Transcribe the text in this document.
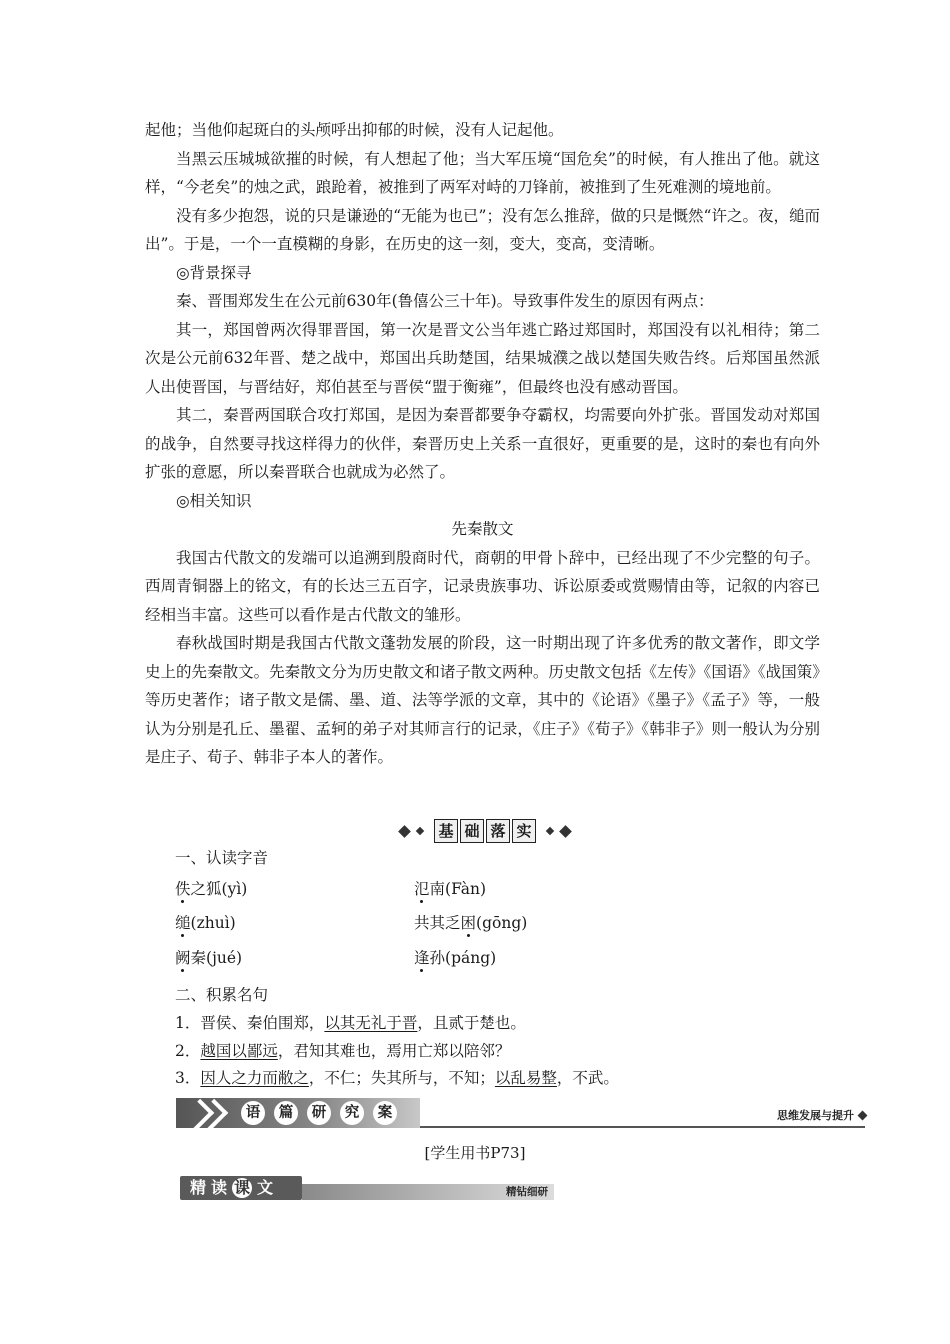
起他；当他仰起斑白的头颅呼出抑郁的时候，没有人记起他。

当黑云压城城欲摧的时候，有人想起了他；当大军压境“国危矣”的时候，有人推出了他。就这样，“今老矣”的烛之武，踉跄着，被推到了两军对峙的刀锋前，被推到了生死难测的境地前。

没有多少抱怨，说的只是谦逊的“无能为也已”；没有怎么推辞，做的只是慨然“许之。夜，缒而出”。于是，一个一直模糊的身影，在历史的这一刻，变大，变高，变清晰。

◎背景探寻

秦、晋围郑发生在公元前630年(鲁僖公三十年)。导致事件发生的原因有两点：

其一，郑国曾两次得罪晋国，第一次是晋文公当年逃亡路过郑国时，郑国没有以礼相待；第二次是公元前632年晋、楚之战中，郑国出兵助楚国，结果城濮之战以楚国失败告终。后郑国虽然派人出使晋国，与晋结好，郑伯甚至与晋侯“盟于衡雍”，但最终也没有感动晋国。

其二，秦晋两国联合攻打郑国，是因为秦晋都要争夺霸权，均需要向外扩张。晋国发动对郑国的战争，自然要寻找这样得力的伙伴，秦晋历史上关系一直很好，更重要的是，这时的秦也有向外扩张的意愿，所以秦晋联合也就成为必然了。

◎相关知识

先秦散文

我国古代散文的发端可以追溯到殷商时代，商朝的甲骨卜辞中，已经出现了不少完整的句子。西周青铜器上的铭文，有的长达三五百字，记录贵族事功、诉讼原委或赏赐情由等，记叙的内容已经相当丰富。这些可以看作是古代散文的雏形。

春秋战国时期是我国古代散文蓬勃发展的阶段，这一时期出现了许多优秀的散文著作，即文学史上的先秦散文。先秦散文分为历史散文和诸子散文两种。历史散文包括《左传》《国语》《战国策》等历史著作；诸子散文是儒、墨、道、法等学派的文章，其中的《论语》《墨子》《孟子》等，一般认为分别是孔丘、墨翟、孟轲的弟子对其师言行的记录，《庄子》《荀子》《韩非子》则一般认为分别是庄子、荀子、韩非子本人的著作。

基 础 落 实
一、认读字音
佚之狐(yì)	氾南(Fàn)
缒(zhuì)	共其乏困(gōng)
阙秦(jué)	逢孙(páng)
二、积累名句
1．晋侯、秦伯围郑，以其无礼于晋，且贰于楚也。
2．越国以鄙远，君知其难也，焉用亡郑以陪邻？
3．因人之力而敝之，不仁；失其所与，不知；以乱易整，不武。
语	篇	研	究	案	思维发展与提升
[学生用书P73]
精读 课 文	精钻细研
